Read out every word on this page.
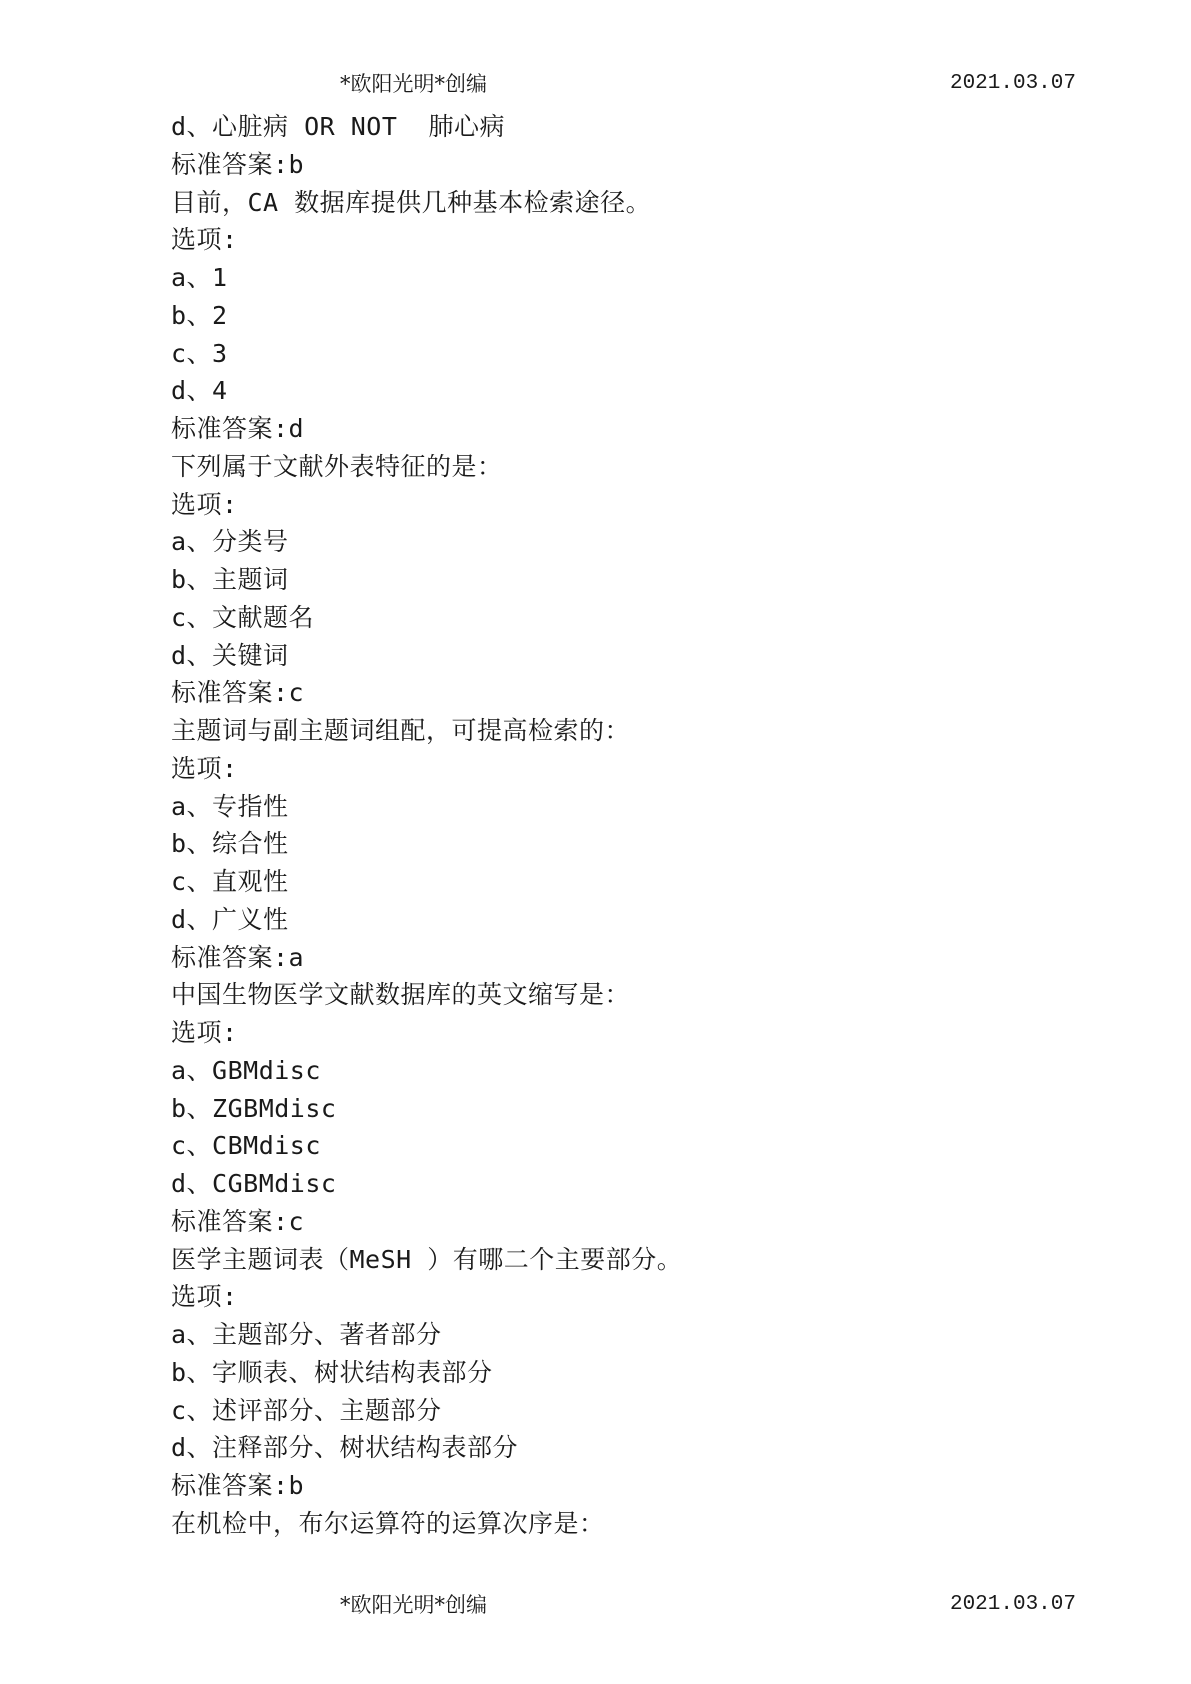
*欧阳光明*创编	2021.03.07
d、心脏病 OR NOT  肺心病
标准答案:b
目前，CA 数据库提供几种基本检索途径。
选项:
a、1
b、2
c、3
d、4
标准答案:d
下列属于文献外表特征的是：
选项:
a、分类号
b、主题词
c、文献题名
d、关键词
标准答案:c
主题词与副主题词组配，可提高检索的：
选项:
a、专指性
b、综合性
c、直观性
d、广义性
标准答案:a
中国生物医学文献数据库的英文缩写是：
选项:
a、GBMdisc
b、ZGBMdisc
c、CBMdisc
d、CGBMdisc
标准答案:c
医学主题词表（MeSH ）有哪二个主要部分。
选项:
a、主题部分、著者部分
b、字顺表、树状结构表部分
c、述评部分、主题部分
d、注释部分、树状结构表部分
标准答案:b
在机检中，布尔运算符的运算次序是：
*欧阳光明*创编	2021.03.07
